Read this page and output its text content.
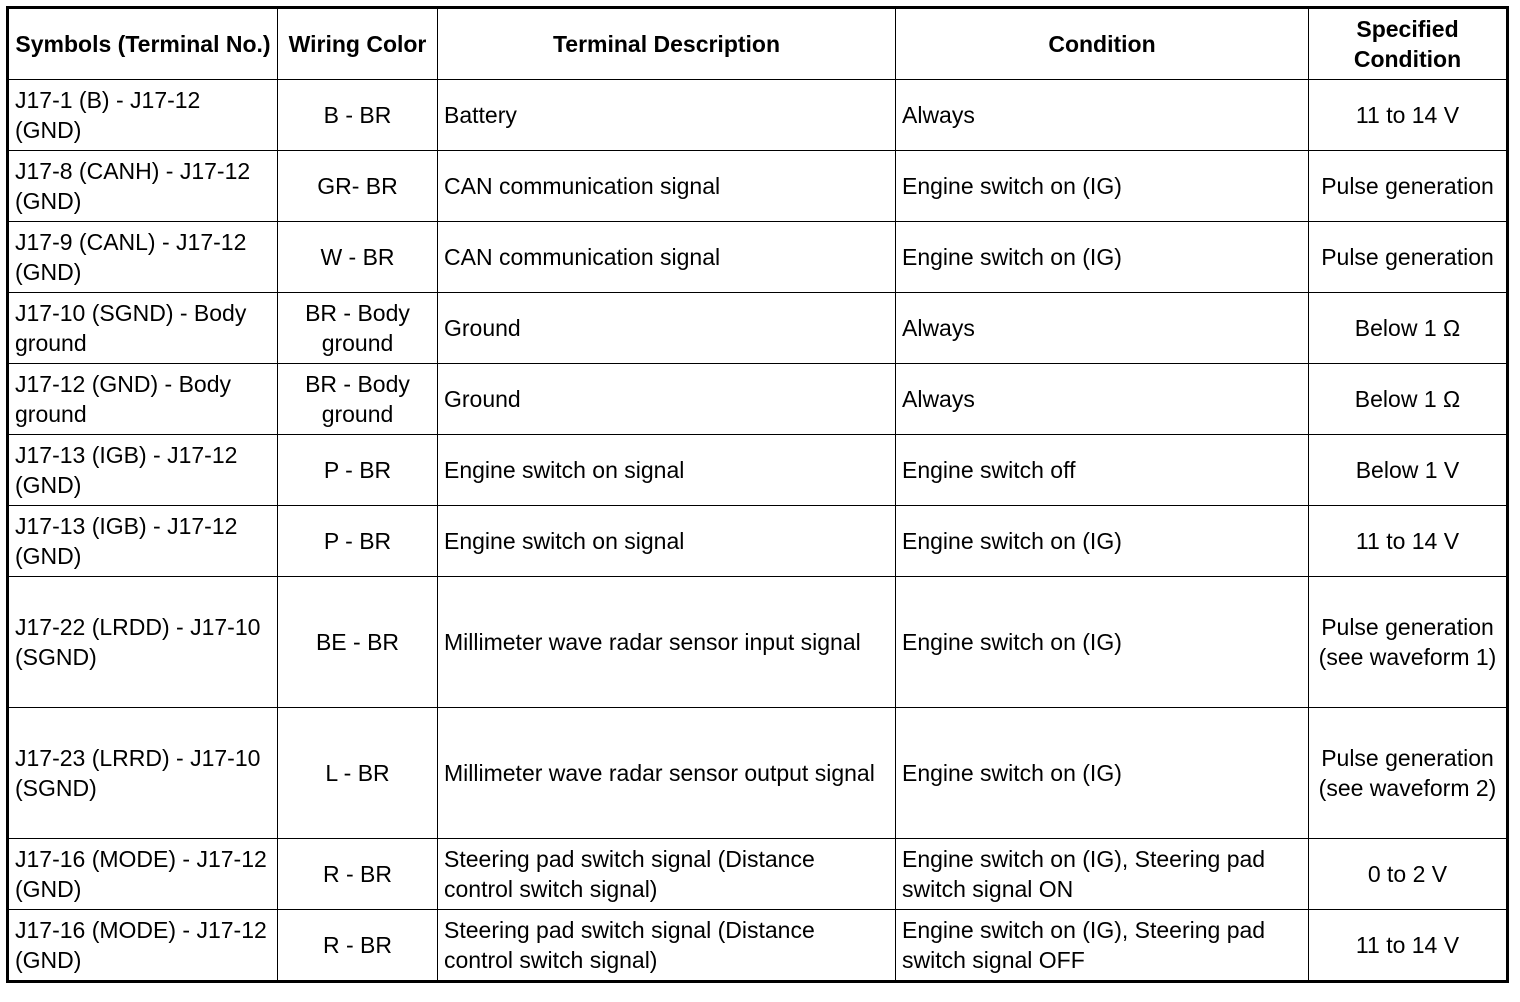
Symbols (Terminal No.)	Wiring Color	Terminal Description	Condition	Specified Condition
J17-1 (B) - J17-12 (GND)	B - BR	Battery	Always	11 to 14 V
J17-8 (CANH) - J17-12 (GND)	GR- BR	CAN communication signal	Engine switch on (IG)	Pulse generation
J17-9 (CANL) - J17-12 (GND)	W - BR	CAN communication signal	Engine switch on (IG)	Pulse generation
J17-10 (SGND) - Body ground	BR - Body ground	Ground	Always	Below 1 Ω
J17-12 (GND) - Body ground	BR - Body ground	Ground	Always	Below 1 Ω
J17-13 (IGB) - J17-12 (GND)	P - BR	Engine switch on signal	Engine switch off	Below 1 V
J17-13 (IGB) - J17-12 (GND)	P - BR	Engine switch on signal	Engine switch on (IG)	11 to 14 V
J17-22 (LRDD) - J17-10 (SGND)	BE - BR	Millimeter wave radar sensor input signal	Engine switch on (IG)	Pulse generation (see waveform 1)
J17-23 (LRRD) - J17-10 (SGND)	L - BR	Millimeter wave radar sensor output signal	Engine switch on (IG)	Pulse generation (see waveform 2)
J17-16 (MODE) - J17-12 (GND)	R - BR	Steering pad switch signal (Distance control switch signal)	Engine switch on (IG), Steering pad switch signal ON	0 to 2 V
J17-16 (MODE) - J17-12 (GND)	R - BR	Steering pad switch signal (Distance control switch signal)	Engine switch on (IG), Steering pad switch signal OFF	11 to 14 V
